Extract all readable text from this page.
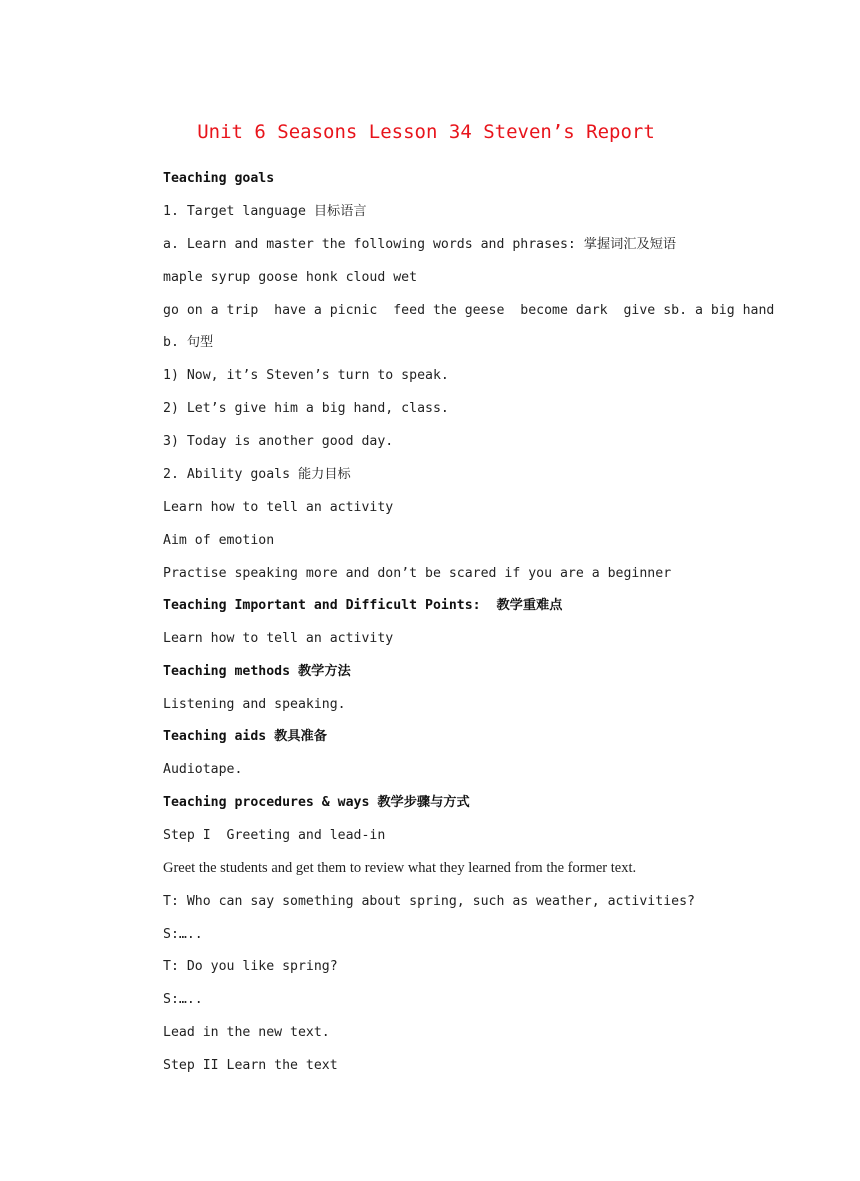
Unit 6 Seasons Lesson 34 Steven’s Report
Teaching goals
1. Target language 目标语言
a. Learn and master the following words and phrases: 掌握词汇及短语
maple syrup goose honk cloud wet
go on a trip  have a picnic  feed the geese  become dark  give sb. a big hand
b. 句型
1) Now, it’s Steven’s turn to speak.
2) Let’s give him a big hand, class.
3) Today is another good day.
2. Ability goals 能力目标
Learn how to tell an activity
Aim of emotion
Practise speaking more and don’t be scared if you are a beginner
Teaching Important and Difficult Points:  教学重难点
Learn how to tell an activity
Teaching methods 教学方法
Listening and speaking.
Teaching aids 教具准备
Audiotape.
Teaching procedures & ways 教学步骤与方式
Step I  Greeting and lead-in
Greet the students and get them to review what they learned from the former text.
T: Who can say something about spring, such as weather, activities?
S:…..
T: Do you like spring?
S:…..
Lead in the new text.
Step II Learn the text
